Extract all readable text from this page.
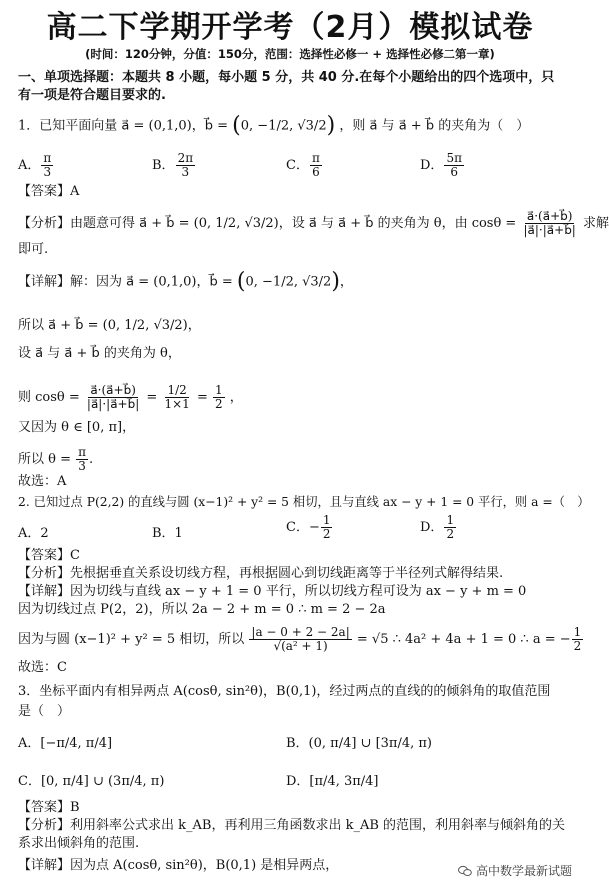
高二下学期开学考（2月）模拟试卷
(时间：120分钟，分值：150分，范围：选择性必修一 + 选择性必修二第一章)
一、单项选择题：本题共 8 小题，每小题 5 分，共 40 分.在每个小题给出的四个选项中，只
有一项是符合题目要求的.
1．已知平面向量 a⃗ = (0,1,0)，b⃗ = (0, −1/2, √3/2) ，则 a⃗ 与 a⃗ + b⃗ 的夹角为（　）
A． $\frac{\pi}{3}$	B． $\frac{2\pi}{3}$	C． $\frac{\pi}{6}$	D． $\frac{5\pi}{6}$
【答案】A
【分析】由题意可得 a⃗ + b⃗ = (0, 1/2, √3/2)，设 a⃗ 与 a⃗ + b⃗ 的夹角为 θ，由 $\cos\theta = \frac{a⃗\cdot(a⃗+b⃗)}{|a⃗|\cdot|a⃗+b⃗|}$ 求解
即可.
【详解】解：因为 a⃗ = (0,1,0)，b⃗ = (0, −1/2, √3/2)，
所以 a⃗ + b⃗ = (0, 1/2, √3/2)，
设 a⃗ 与 a⃗ + b⃗ 的夹角为 θ，
则 $\cos\theta = \frac{a⃗\cdot(a⃗+b⃗)}{|a⃗|\cdot|a⃗+b⃗|} = \frac{1/2}{1\times 1} = \frac{1}{2}$ ，
又因为 θ ∈ [0, π]，
所以 $\theta = \frac{\pi}{3}$ .
故选：A
2. 已知过点 P(2,2) 的直线与圆 (x−1)² + y² = 5 相切，且与直线 ax − y + 1 = 0 平行，则 a =（　）
A．2	B．1	C．− $\frac{1}{2}$	D． $\frac{1}{2}$
【答案】C
【分析】先根据垂直关系设切线方程，再根据圆心到切线距离等于半径列式解得结果.
【详解】因为切线与直线 ax − y + 1 = 0 平行，所以切线方程可设为 ax − y + m = 0
因为切线过点 P(2，2)，所以 2a − 2 + m = 0 ∴ m = 2 − 2a
因为与圆 (x−1)² + y² = 5 相切，所以 $\frac{|a - 0 + 2 - 2a|}{\text{√(a² + 1)}} = √5$ ∴ 4a² + 4a + 1 = 0 ∴ a = − $\frac{1}{2}$
故选：C
3．坐标平面内有相异两点 A(cosθ, sin²θ)，B(0,1)，经过两点的直线的的倾斜角的取值范围
是（　）
A．[−π/4, π/4]	B．(0, π/4] ∪ [3π/4, π)
C．[0, π/4] ∪ (3π/4, π)	D．[π/4, 3π/4]
【答案】B
【分析】利用斜率公式求出 k_AB，再利用三角函数求出 k_AB 的范围，利用斜率与倾斜角的关
系求出倾斜角的范围.
【详解】因为点 A(cosθ, sin²θ)，B(0,1) 是相异两点，	高中数学最新试题
